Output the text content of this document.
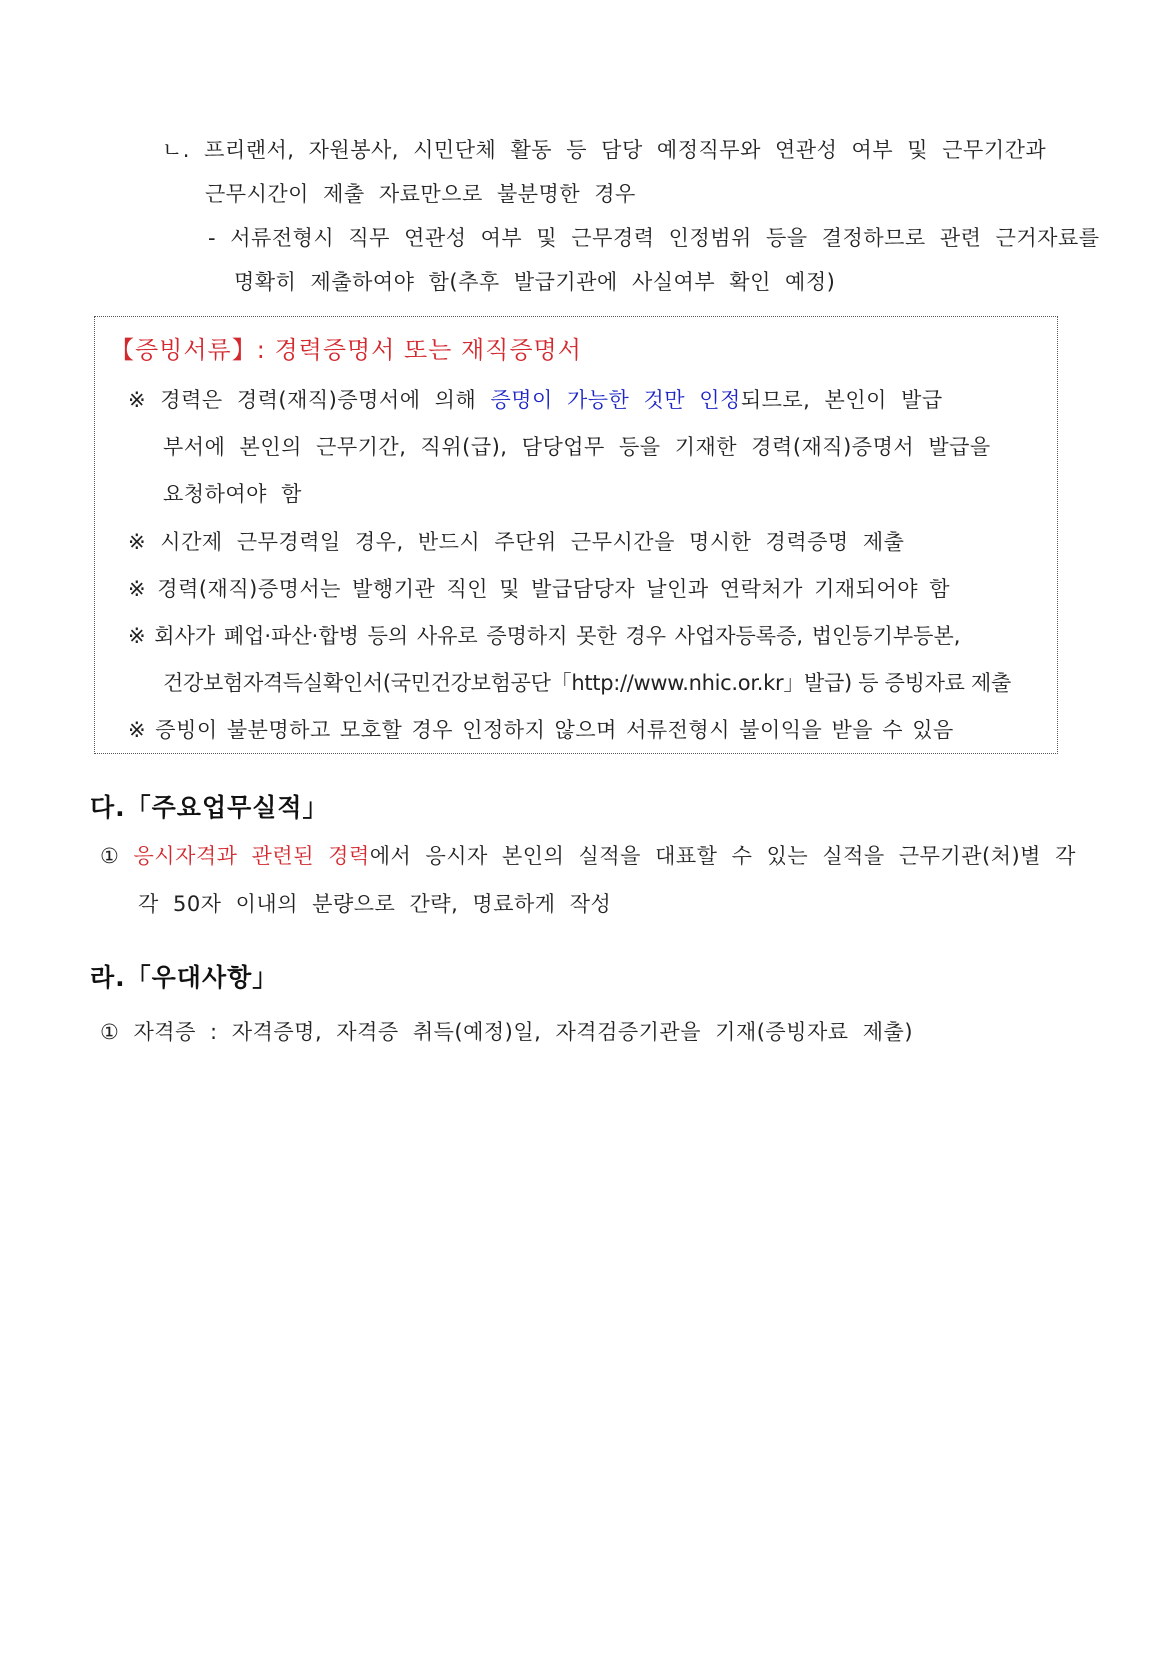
ㄴ. 프리랜서, 자원봉사, 시민단체 활동 등 담당 예정직무와 연관성 여부 및 근무기간과
근무시간이 제출 자료만으로 불분명한 경우
- 서류전형시 직무 연관성 여부 및 근무경력 인정범위 등을 결정하므로 관련 근거자료를
명확히 제출하여야 함(추후 발급기관에 사실여부 확인 예정)
【증빙서류】: 경력증명서 또는 재직증명서
※ 경력은 경력(재직)증명서에 의해 증명이 가능한 것만 인정되므로, 본인이 발급
부서에 본인의 근무기간, 직위(급), 담당업무 등을 기재한 경력(재직)증명서 발급을
요청하여야 함
※ 시간제 근무경력일 경우, 반드시 주단위 근무시간을 명시한 경력증명 제출
※ 경력(재직)증명서는 발행기관 직인 및 발급담당자 날인과 연락처가 기재되어야 함
※ 회사가 폐업·파산·합병 등의 사유로 증명하지 못한 경우 사업자등록증, 법인등기부등본,
건강보험자격득실확인서(국민건강보험공단「http://www.nhic.or.kr」발급) 등 증빙자료 제출
※ 증빙이 불분명하고 모호할 경우 인정하지 않으며 서류전형시 불이익을 받을 수 있음
다.「주요업무실적」
① 응시자격과 관련된 경력에서 응시자 본인의 실적을 대표할 수 있는 실적을 근무기관(처)별 각
각 50자 이내의 분량으로 간략, 명료하게 작성
라.「우대사항」
① 자격증 : 자격증명, 자격증 취득(예정)일, 자격검증기관을 기재(증빙자료 제출)
